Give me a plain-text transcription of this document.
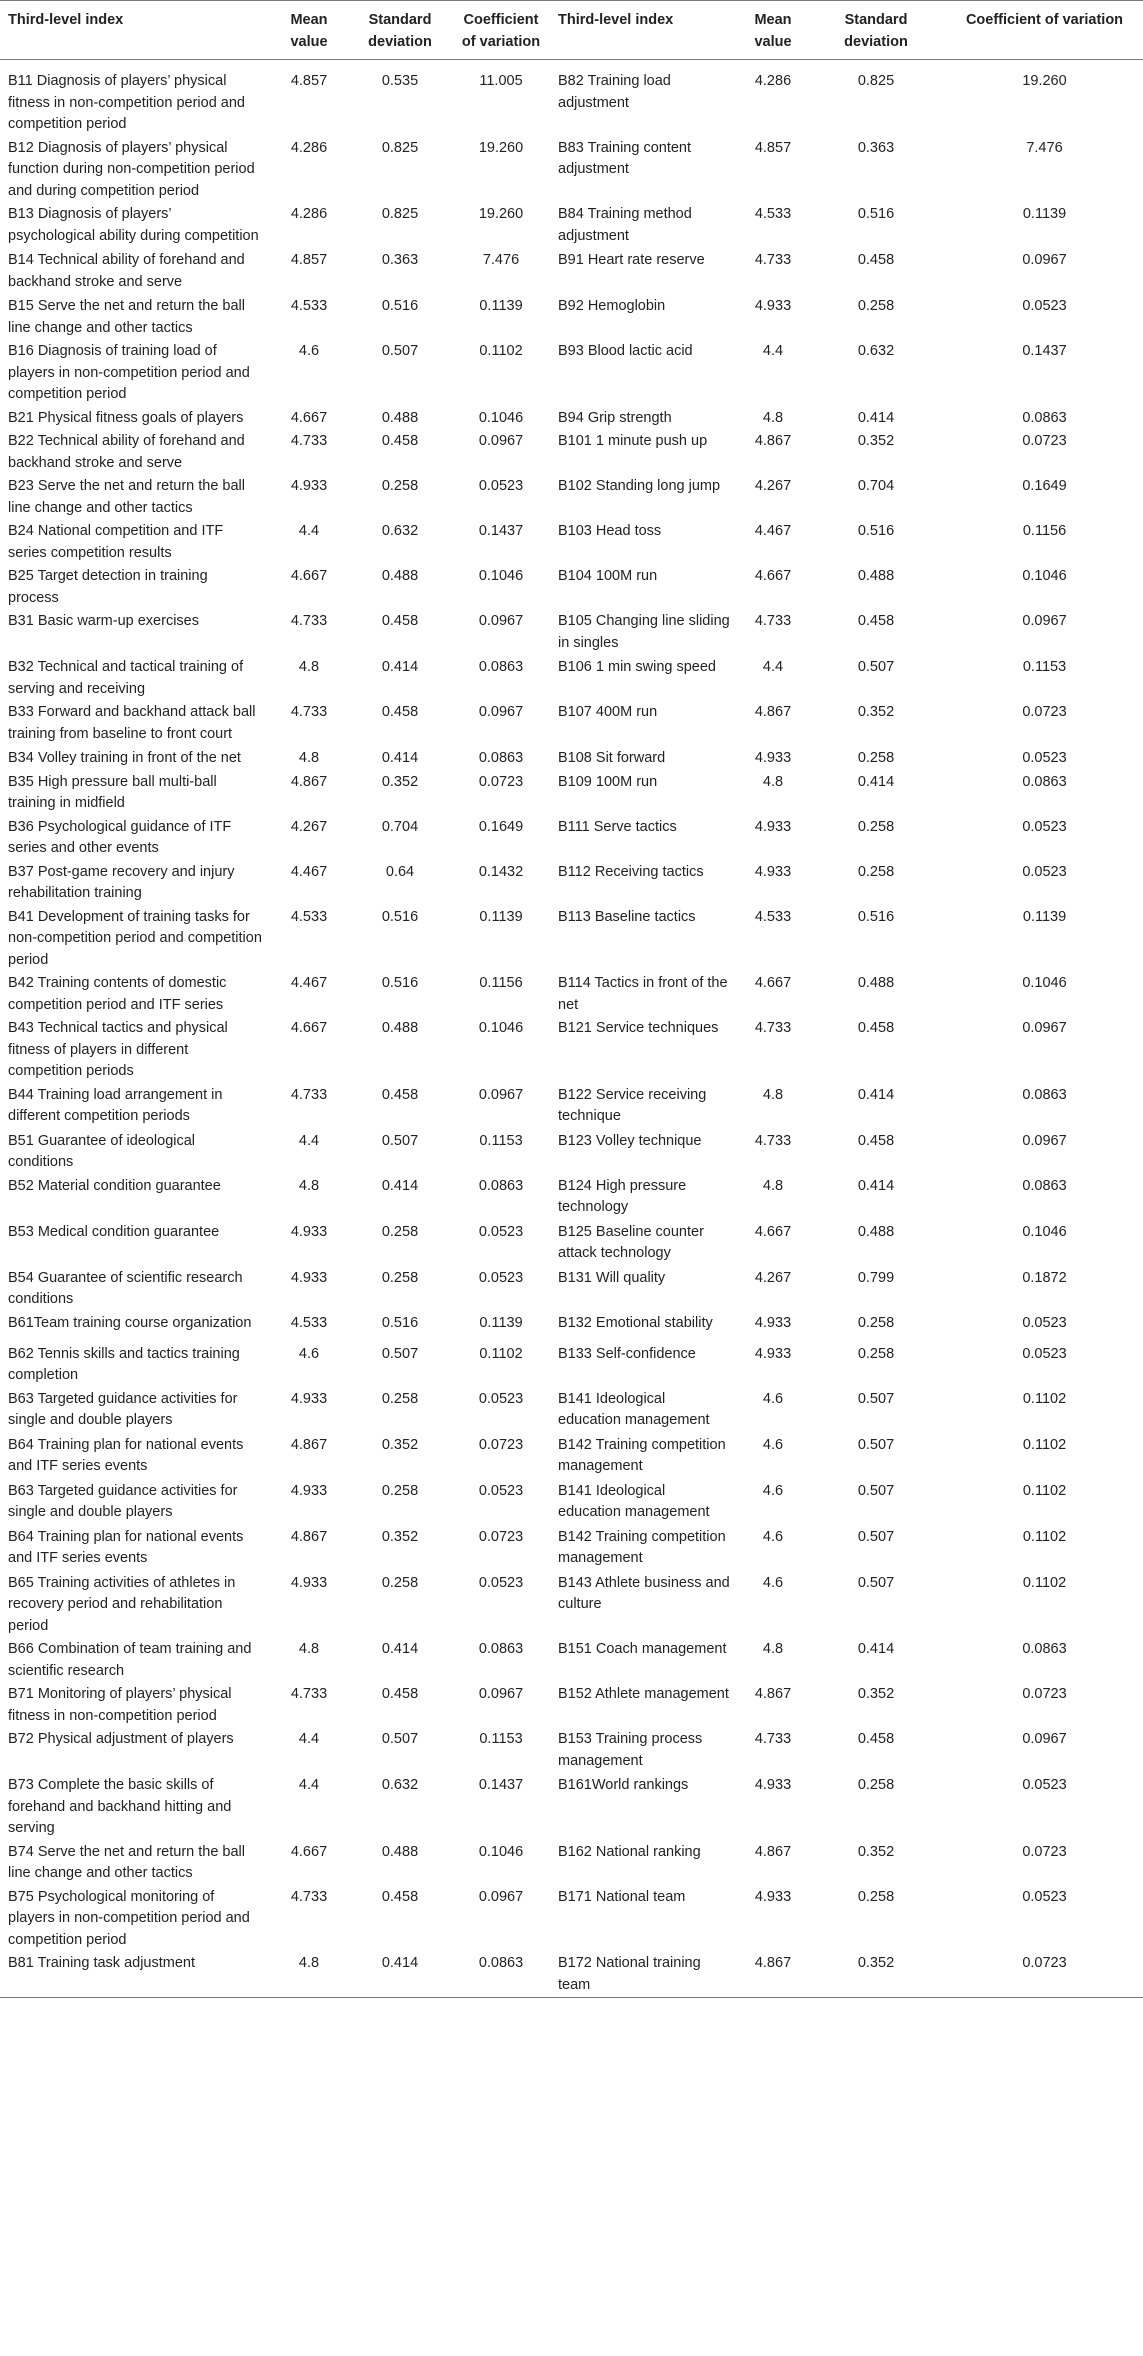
Third-level index	Mean value	Standard deviation	Coefficient of variation	Third-level index	Mean value	Standard deviation	Coefficient of variation
B11 Diagnosis of players’ physical fitness in non-competition period and competition period	4.857	0.535	11.005	B82 Training load adjustment	4.286	0.825	19.260
B12 Diagnosis of players’ physical function during non-competition period and during competition period	4.286	0.825	19.260	B83 Training content adjustment	4.857	0.363	7.476
B13 Diagnosis of players’ psychological ability during competition	4.286	0.825	19.260	B84 Training method adjustment	4.533	0.516	0.1139
B14 Technical ability of forehand and backhand stroke and serve	4.857	0.363	7.476	B91 Heart rate reserve	4.733	0.458	0.0967
B15 Serve the net and return the ball line change and other tactics	4.533	0.516	0.1139	B92 Hemoglobin	4.933	0.258	0.0523
B16 Diagnosis of training load of players in non-competition period and competition period	4.6	0.507	0.1102	B93 Blood lactic acid	4.4	0.632	0.1437
B21 Physical fitness goals of players	4.667	0.488	0.1046	B94 Grip strength	4.8	0.414	0.0863
B22 Technical ability of forehand and backhand stroke and serve	4.733	0.458	0.0967	B101 1 minute push up	4.867	0.352	0.0723
B23 Serve the net and return the ball line change and other tactics	4.933	0.258	0.0523	B102 Standing long jump	4.267	0.704	0.1649
B24 National competition and ITF series competition results	4.4	0.632	0.1437	B103 Head toss	4.467	0.516	0.1156
B25 Target detection in training process	4.667	0.488	0.1046	B104 100M run	4.667	0.488	0.1046
B31 Basic warm-up exercises	4.733	0.458	0.0967	B105 Changing line sliding in singles	4.733	0.458	0.0967
B32 Technical and tactical training of serving and receiving	4.8	0.414	0.0863	B106 1 min swing speed	4.4	0.507	0.1153
B33 Forward and backhand attack ball training from baseline to front court	4.733	0.458	0.0967	B107 400M run	4.867	0.352	0.0723
B34 Volley training in front of the net	4.8	0.414	0.0863	B108 Sit forward	4.933	0.258	0.0523
B35 High pressure ball multi-ball training in midfield	4.867	0.352	0.0723	B109 100M run	4.8	0.414	0.0863
B36 Psychological guidance of ITF series and other events	4.267	0.704	0.1649	B111 Serve tactics	4.933	0.258	0.0523
B37 Post-game recovery and injury rehabilitation training	4.467	0.64	0.1432	B112 Receiving tactics	4.933	0.258	0.0523
B41 Development of training tasks for non-competition period and competition period	4.533	0.516	0.1139	B113 Baseline tactics	4.533	0.516	0.1139
B42 Training contents of domestic competition period and ITF series	4.467	0.516	0.1156	B114 Tactics in front of the net	4.667	0.488	0.1046
B43 Technical tactics and physical fitness of players in different competition periods	4.667	0.488	0.1046	B121 Service techniques	4.733	0.458	0.0967
B44 Training load arrangement in different competition periods	4.733	0.458	0.0967	B122 Service receiving technique	4.8	0.414	0.0863
B51 Guarantee of ideological conditions	4.4	0.507	0.1153	B123 Volley technique	4.733	0.458	0.0967
B52 Material condition guarantee	4.8	0.414	0.0863	B124 High pressure technology	4.8	0.414	0.0863
B53 Medical condition guarantee	4.933	0.258	0.0523	B125 Baseline counter attack technology	4.667	0.488	0.1046
B54 Guarantee of scientific research conditions	4.933	0.258	0.0523	B131 Will quality	4.267	0.799	0.1872
B61Team training course organization	4.533	0.516	0.1139	B132 Emotional stability	4.933	0.258	0.0523
B62 Tennis skills and tactics training completion	4.6	0.507	0.1102	B133 Self-confidence	4.933	0.258	0.0523
B63 Targeted guidance activities for single and double players	4.933	0.258	0.0523	B141 Ideological education management	4.6	0.507	0.1102
B64 Training plan for national events and ITF series events	4.867	0.352	0.0723	B142 Training competition management	4.6	0.507	0.1102
B63 Targeted guidance activities for single and double players	4.933	0.258	0.0523	B141 Ideological education management	4.6	0.507	0.1102
B64 Training plan for national events and ITF series events	4.867	0.352	0.0723	B142 Training competition management	4.6	0.507	0.1102
B65 Training activities of athletes in recovery period and rehabilitation period	4.933	0.258	0.0523	B143 Athlete business and culture	4.6	0.507	0.1102
B66 Combination of team training and scientific research	4.8	0.414	0.0863	B151 Coach management	4.8	0.414	0.0863
B71 Monitoring of players’ physical fitness in non-competition period	4.733	0.458	0.0967	B152 Athlete management	4.867	0.352	0.0723
B72 Physical adjustment of players	4.4	0.507	0.1153	B153 Training process management	4.733	0.458	0.0967
B73 Complete the basic skills of forehand and backhand hitting and serving	4.4	0.632	0.1437	B161World rankings	4.933	0.258	0.0523
B74 Serve the net and return the ball line change and other tactics	4.667	0.488	0.1046	B162 National ranking	4.867	0.352	0.0723
B75 Psychological monitoring of players in non-competition period and competition period	4.733	0.458	0.0967	B171 National team	4.933	0.258	0.0523
B81 Training task adjustment	4.8	0.414	0.0863	B172 National training team	4.867	0.352	0.0723
